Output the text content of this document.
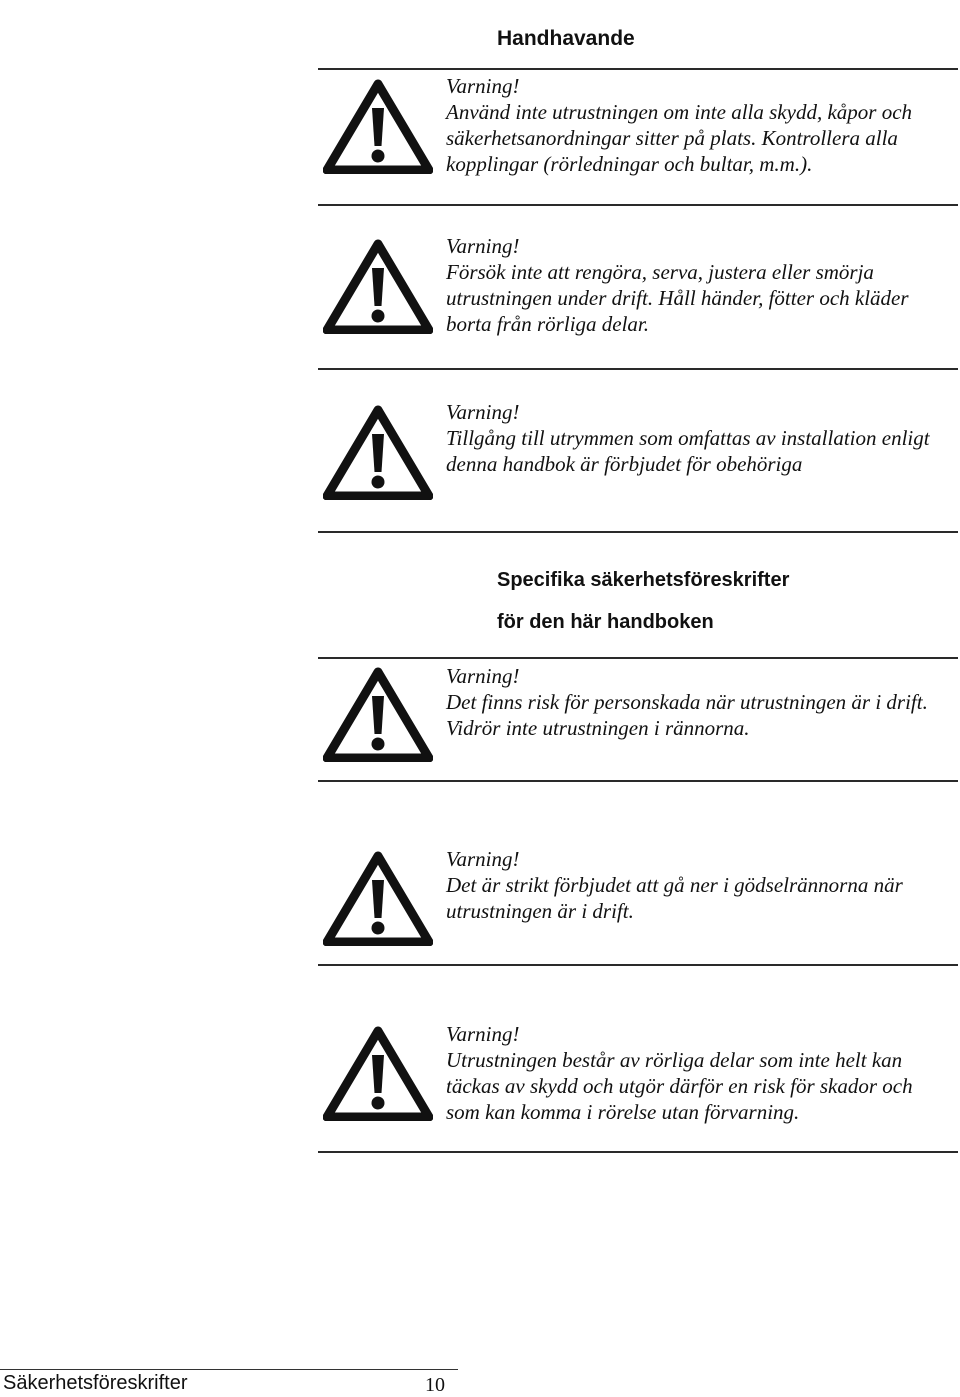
Handhavande
Varning!

Använd inte utrustningen om inte alla skydd, kåpor och säkerhetsanordningar sitter på plats. Kontrollera alla kopplingar (rörledningar och bultar, m.m.).

Varning!

Försök inte att rengöra, serva, justera eller smörja utrustningen under drift. Håll händer, fötter och kläder borta från rörliga delar.

Varning!

Tillgång till utrymmen som omfattas av installation enligt denna handbok är förbjudet för obehöriga

Specifika säkerhetsföreskrifter
för den här handboken
Varning!

Det finns risk för personskada när utrustningen är i drift. Vidrör inte utrustningen i rännorna.

Varning!

Det är strikt förbjudet att gå ner i gödselrännorna när utrustningen är i drift.

Varning!

Utrustningen består av rörliga delar som inte helt kan täckas av skydd och utgör därför en risk för skador och som kan komma i rörelse utan förvarning.

Säkerhetsföreskrifter	10
